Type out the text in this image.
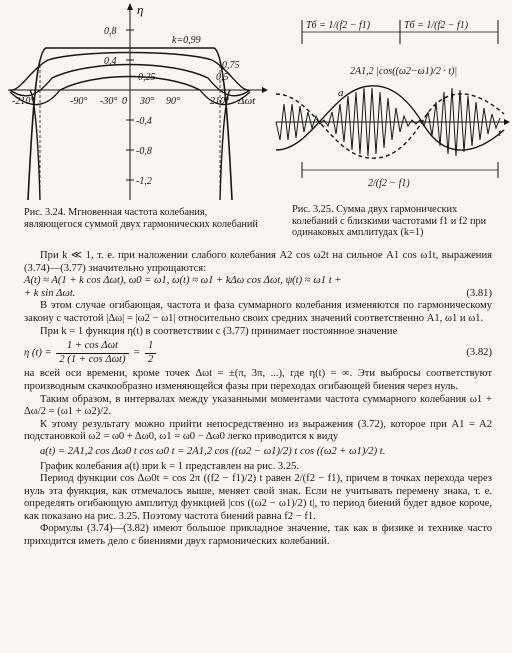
η
0,8
0,4
-0,4
-0,8
-1,2
k=0,99
0,75
0,5
0,25
-210°	-90° -30° 0 30° 90°	210° Δωt
Рис. 3.24. Мгновенная частота колебания, являющегося суммой двух гармонических колебаний
Tб = 1/(f2 − f1)	Tб = 1/(f2 − f1)
t
a
2A1,2 |cos((ω2−ω1)/2 · t)|
2/(f2 − f1)
Рис. 3.25. Сумма двух гармонических колебаний с близкими частотами f1 и f2 при одинаковых амплитудах (k=1)

При k ≪ 1, т. е. при наложении слабого колебания A2 cos ω2t на сильное A1 cos ω1t, выражения (3.74)—(3.77) значительно упрощаются:

A(t) ≈ A(1 + k cos Δωt), ω0 = ω1, ω(t) ≈ ω1 + kΔω cos Δωt, ψ(t) ≈ ω1 t +
+ k sin Δωt.	(3.81)

В этом случае огибающая, частота и фаза суммарного колебания изменяются по гармоническому закону с частотой |Δω| = |ω2 − ω1| относительно своих средних значений соответственно A1, ω1 и ω1.

При k = 1 функция η(t) в соответствии с (3.77) принимает постоянное значение

η $(t) = \frac{\text{1 + cos Δωt}}{\text{2 (1 + cos Δωt)}} = \frac{1}{2}$	(3.82)

на всей оси времени, кроме точек Δωt = ±(π, 3π, ...), где η(t) = ∞. Эти выбросы соответствуют производным скачкообразно изменяющейся фазы при переходах огибающей биения через нуль.

Таким образом, в интервалах между указанными моментами частота суммарного колебания ω1 + Δω/2 = (ω1 + ω2)/2.

К этому результату можно прийти непосредственно из выражения (3.72), которое при A1 = A2 подстановкой ω2 = ω0 + Δω0, ω1 = ω0 − Δω0 легко приводится к виду

a(t) = 2A1,2 cos Δω0 t cos ω0 t = 2A1,2 cos ((ω2 − ω1)/2) t cos ((ω2 + ω1)/2) t.

График колебания a(t) при k = 1 представлен на рис. 3.25.

Период функции cos Δω0t = cos 2π ((f2 − f1)/2) t равен 2/(f2 − f1), причем в точках перехода через нуль эта функция, как отмечалось выше, меняет свой знак. Если не учитывать перемену знака, т. е. определять огибающую амплитуд функцией |cos ((ω2 − ω1)/2) t|, то период биений будет вдвое короче, как показано на рис. 3.25. Поэтому частота биений равна f2 − f1.

Формулы (3.74)—(3.82) имеют большое прикладное значение, так как в физике и технике часто приходится иметь дело с биениями двух гармонических колебаний.
